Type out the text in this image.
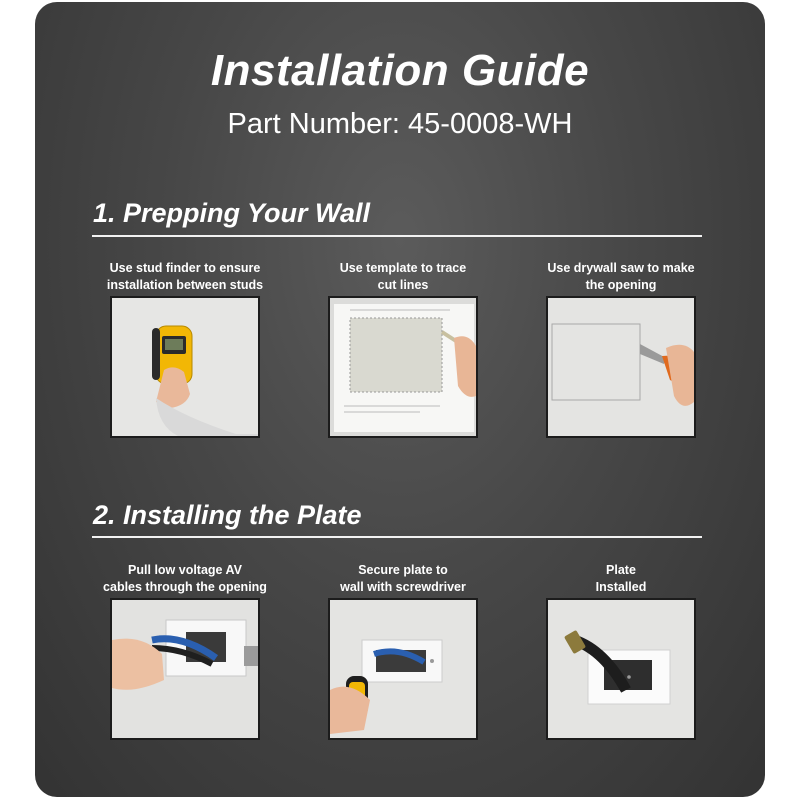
Installation Guide
Part Number: 45-0008-WH
1. Prepping Your Wall
Use stud finder to ensure
installation between studs
Use template to trace
cut lines
Use drywall saw to make
the opening
2. Installing the Plate
Pull low voltage AV
cables through the opening
Secure plate to
wall with screwdriver
Plate
Installed
